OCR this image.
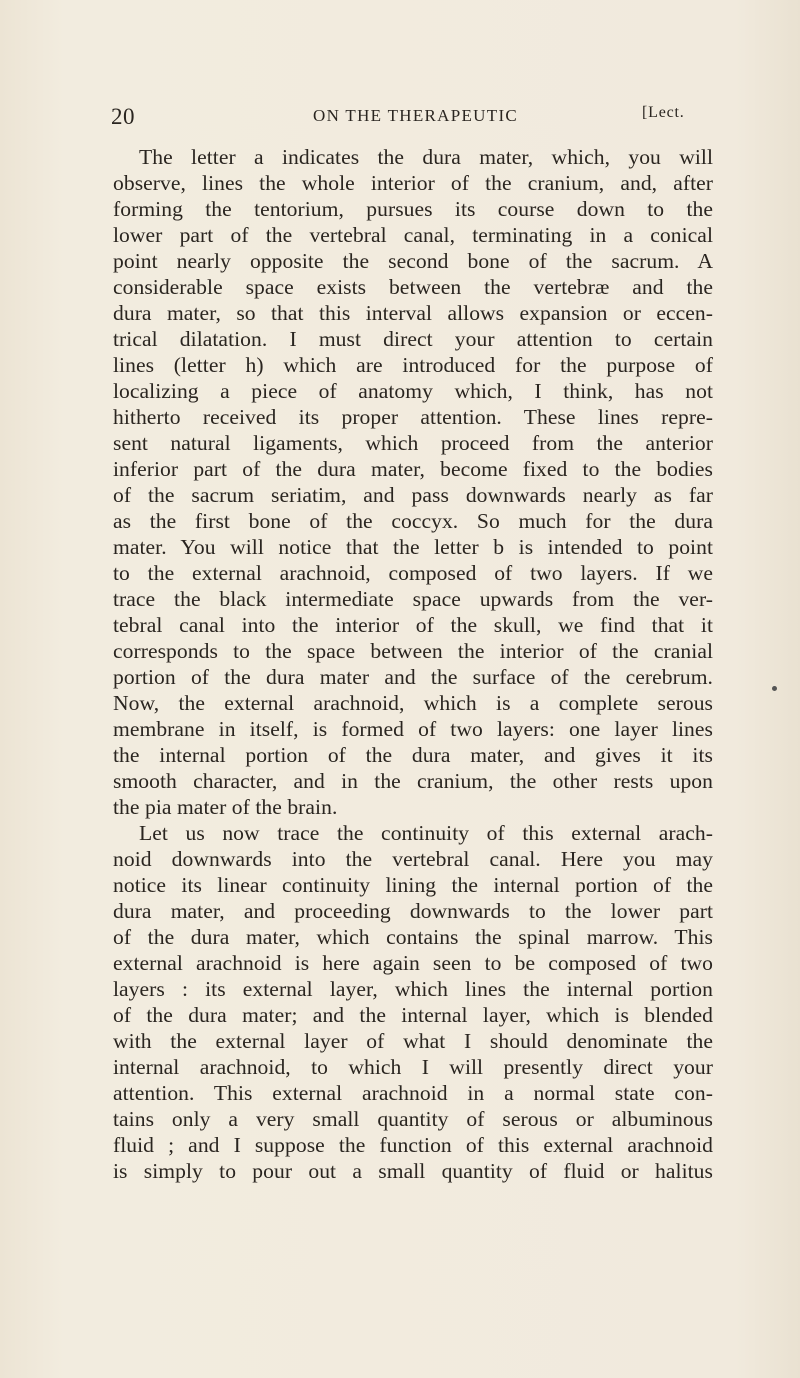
20	ON THE THERAPEUTIC	[Lect.
The letter a indicates the dura mater, which, you will
observe, lines the whole interior of the cranium, and, after
forming the tentorium, pursues its course down to the
lower part of the vertebral canal, terminating in a conical
point nearly opposite the second bone of the sacrum. A
considerable space exists between the vertebræ and the
dura mater, so that this interval allows expansion or eccen-
trical dilatation. I must direct your attention to certain
lines (letter h) which are introduced for the purpose of
localizing a piece of anatomy which, I think, has not
hitherto received its proper attention. These lines repre-
sent natural ligaments, which proceed from the anterior
inferior part of the dura mater, become fixed to the bodies
of the sacrum seriatim, and pass downwards nearly as far
as the first bone of the coccyx. So much for the dura
mater. You will notice that the letter b is intended to point
to the external arachnoid, composed of two layers. If we
trace the black intermediate space upwards from the ver-
tebral canal into the interior of the skull, we find that it
corresponds to the space between the interior of the cranial
portion of the dura mater and the surface of the cerebrum.
Now, the external arachnoid, which is a complete serous
membrane in itself, is formed of two layers: one layer lines
the internal portion of the dura mater, and gives it its
smooth character, and in the cranium, the other rests upon
the pia mater of the brain.
Let us now trace the continuity of this external arach-
noid downwards into the vertebral canal. Here you may
notice its linear continuity lining the internal portion of the
dura mater, and proceeding downwards to the lower part
of the dura mater, which contains the spinal marrow. This
external arachnoid is here again seen to be composed of two
layers : its external layer, which lines the internal portion
of the dura mater; and the internal layer, which is blended
with the external layer of what I should denominate the
internal arachnoid, to which I will presently direct your
attention. This external arachnoid in a normal state con-
tains only a very small quantity of serous or albuminous
fluid ; and I suppose the function of this external arachnoid
is simply to pour out a small quantity of fluid or halitus
